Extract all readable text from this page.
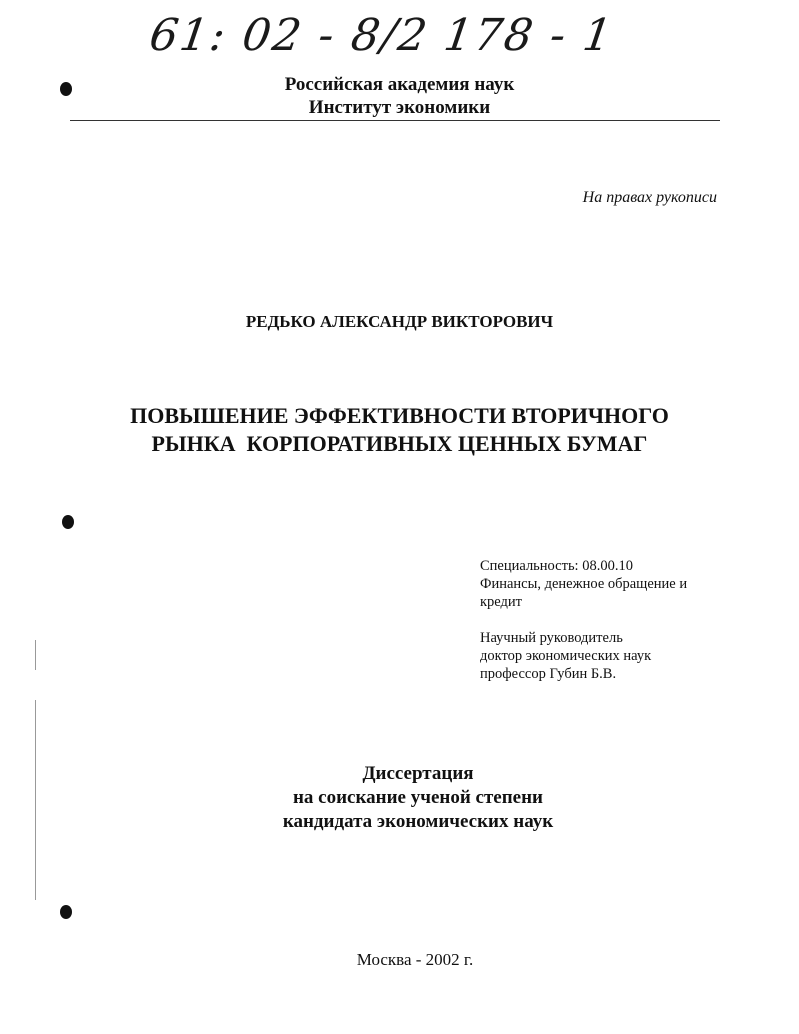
61: 02 - 8/2 178 - 1
Российская академия наук
Институт экономики
На правах рукописи
РЕДЬКО АЛЕКСАНДР ВИКТОРОВИЧ
ПОВЫШЕНИЕ ЭФФЕКТИВНОСТИ ВТОРИЧНОГО
РЫНКА  КОРПОРАТИВНЫХ ЦЕННЫХ БУМАГ
Специальность: 08.00.10
Финансы, денежное обращение и
кредит
Научный руководитель
доктор экономических наук
профессор Губин Б.В.
Диссертация
на соискание ученой степени
кандидата экономических наук
Москва - 2002 г.
